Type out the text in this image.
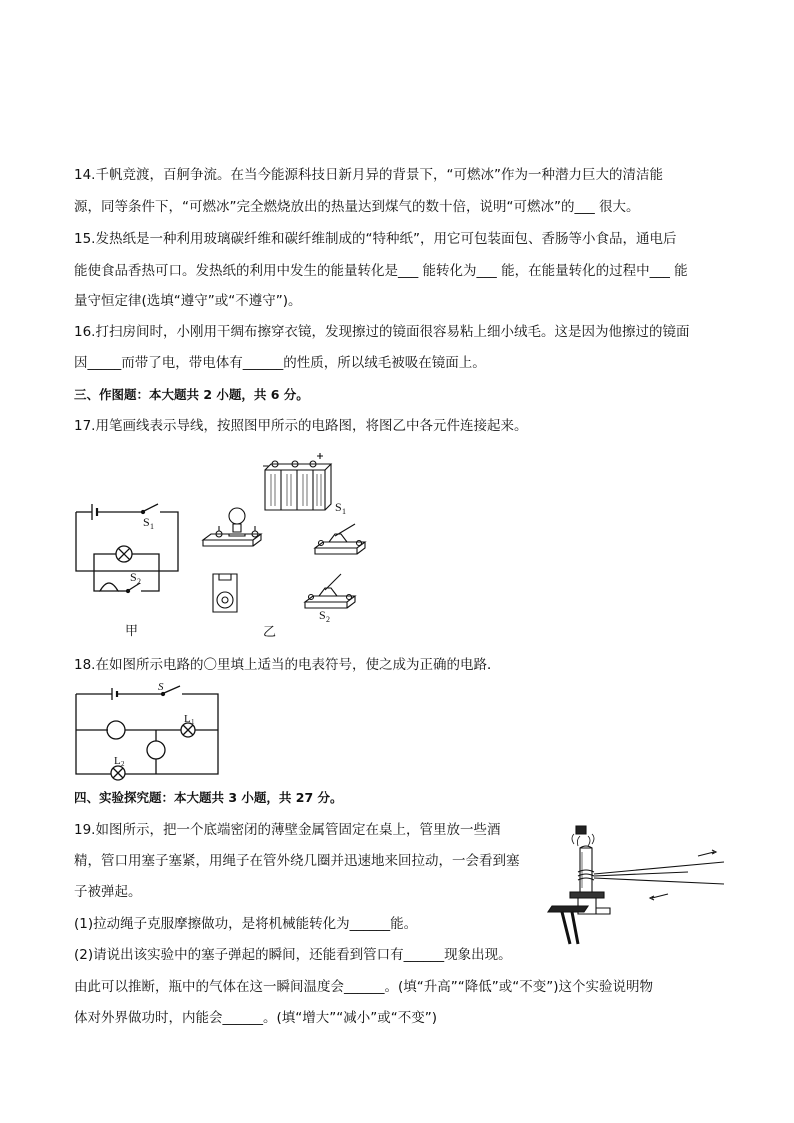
14.千帆竞渡，百舸争流。在当今能源科技日新月异的背景下，“可燃冰”作为一种潜力巨大的清洁能
源，同等条件下，“可燃冰”完全燃烧放出的热量达到煤气的数十倍，说明“可燃冰”的___ 很大。
15.发热纸是一种利用玻璃碳纤维和碳纤维制成的“特种纸”，用它可包装面包、香肠等小食品，通电后
能使食品香热可口。发热纸的利用中发生的能量转化是___ 能转化为___ 能，在能量转化的过程中___ 能
量守恒定律(选填“遵守”或“不遵守”)。
16.打扫房间时，小刚用干绸布擦穿衣镜，发现擦过的镜面很容易粘上细小绒毛。这是因为他擦过的镜面
因_____而带了电，带电体有______的性质，所以绒毛被吸在镜面上。
三、作图题：本大题共 2 小题，共 6 分。
17.用笔画线表示导线，按照图甲所示的电路图，将图乙中各元件连接起来。
S 1
S 2
甲
S 1
S 2
乙
18.在如图所示电路的〇里填上适当的电表符号，使之成为正确的电路．
S
L 1
L 2
四、实验探究题：本大题共 3 小题，共 27 分。
19.如图所示，把一个底端密闭的薄壁金属管固定在桌上，管里放一些酒
精，管口用塞子塞紧，用绳子在管外绕几圈并迅速地来回拉动，一会看到塞
子被弹起。
(1)拉动绳子克服摩擦做功，是将机械能转化为______能。
(2)请说出该实验中的塞子弹起的瞬间，还能看到管口有______现象出现。
由此可以推断，瓶中的气体在这一瞬间温度会______。(填“升高”“降低”或“不变”)这个实验说明物
体对外界做功时，内能会______。(填“增大”“减小”或“不变”)
